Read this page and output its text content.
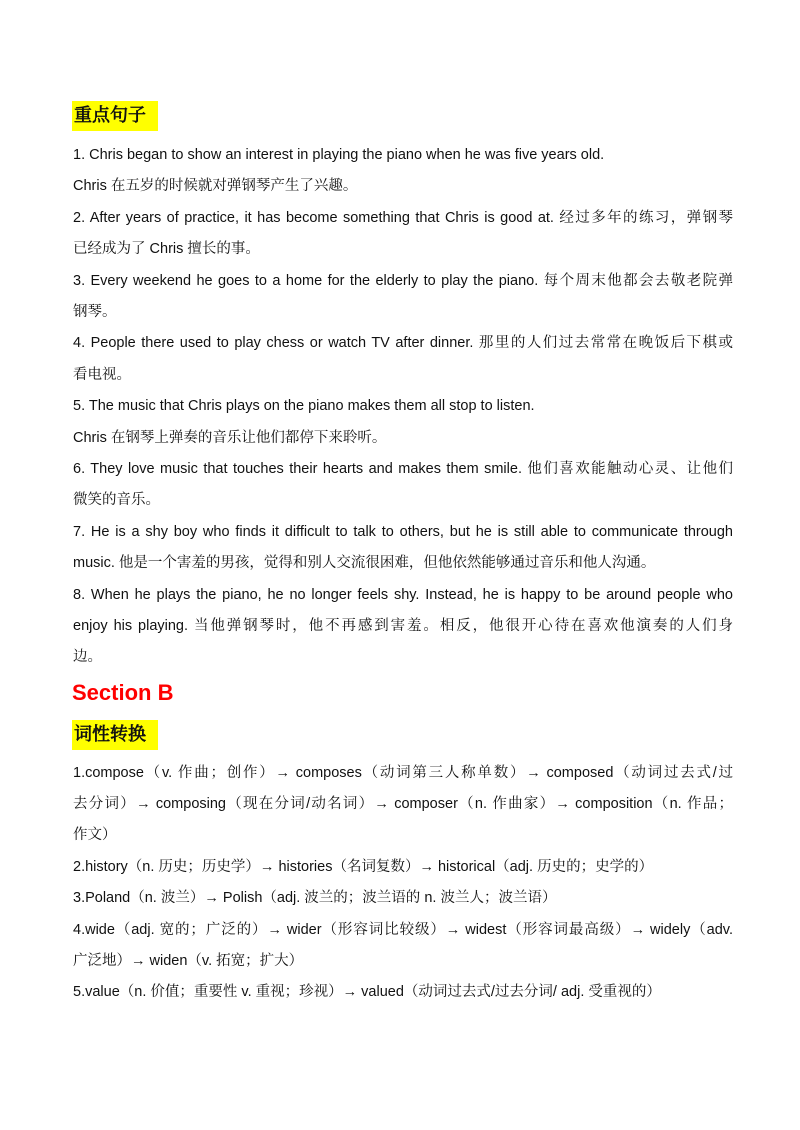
重点句子
1. Chris began to show an interest in playing the piano when he was five years old.
Chris 在五岁的时候就对弹钢琴产生了兴趣。
2. After years of practice, it has become something that Chris is good at. 经过多年的练习，弹钢琴
已经成为了 Chris 擅长的事。
3. Every weekend he goes to a home for the elderly to play the piano. 每个周末他都会去敬老院弹
钢琴。
4. People there used to play chess or watch TV after dinner. 那里的人们过去常常在晚饭后下棋或
看电视。
5. The music that Chris plays on the piano makes them all stop to listen.
Chris 在钢琴上弹奏的音乐让他们都停下来聆听。
6. They love music that touches their hearts and makes them smile. 他们喜欢能触动心灵、让他们
微笑的音乐。
7. He is a shy boy who finds it difficult to talk to others, but he is still able to communicate through
music. 他是一个害羞的男孩，觉得和别人交流很困难，但他依然能够通过音乐和他人沟通。
8. When he plays the piano, he no longer feels shy. Instead, he is happy to be around people who
enjoy his playing. 当他弹钢琴时，他不再感到害羞。相反，他很开心待在喜欢他演奏的人们身
边。
Section B
词性转换
1.compose（v. 作曲；创作）→ composes（动词第三人称单数）→ composed（动词过去式/过
去分词）→ composing（现在分词/动名词）→ composer（n. 作曲家）→ composition（n. 作品；
作文）
2.history（n. 历史；历史学）→ histories（名词复数）→ historical（adj. 历史的；史学的）
3.Poland（n. 波兰）→ Polish（adj. 波兰的；波兰语的 n. 波兰人；波兰语）
4.wide（adj. 宽的；广泛的）→ wider（形容词比较级）→ widest（形容词最高级）→ widely（adv.
广泛地）→ widen（v. 拓宽；扩大）
5.value（n. 价值；重要性 v. 重视；珍视）→ valued（动词过去式/过去分词/ adj. 受重视的）
